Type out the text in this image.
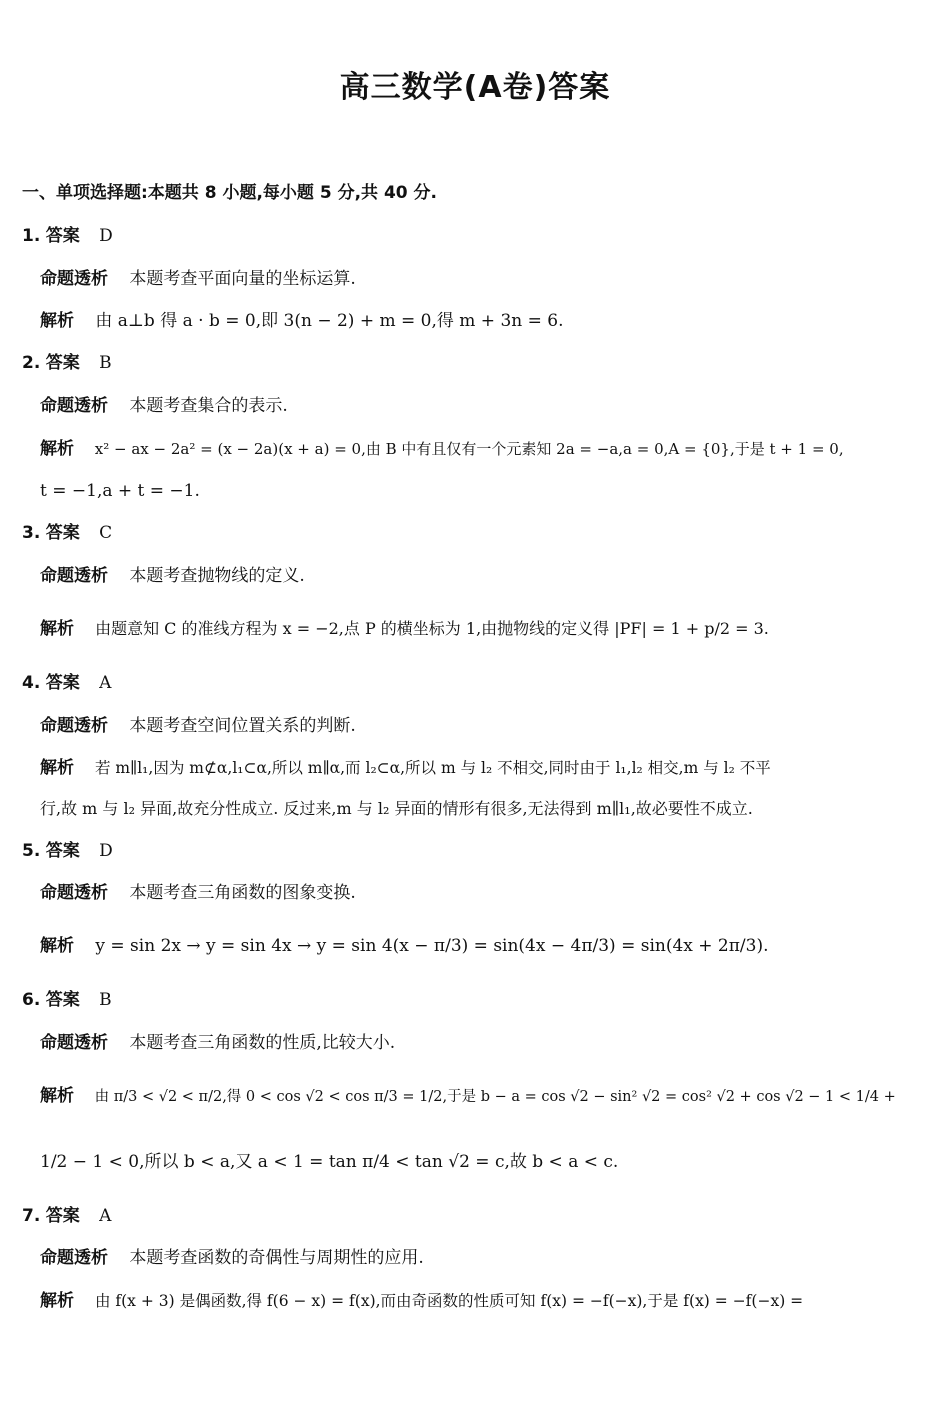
高三数学(A卷)答案
一、单项选择题:本题共 8 小题,每小题 5 分,共 40 分.
1. 答案 D
命题透析 本题考查平面向量的坐标运算.
解析 由 a⊥b 得 a · b = 0,即 3(n − 2) + m = 0,得 m + 3n = 6.
2. 答案 B
命题透析 本题考查集合的表示.
解析 x² − ax − 2a² = (x − 2a)(x + a) = 0,由 B 中有且仅有一个元素知 2a = −a,a = 0,A = {0},于是 t + 1 = 0,
t = −1,a + t = −1.
3. 答案 C
命题透析 本题考查抛物线的定义.
解析 由题意知 C 的准线方程为 x = −2,点 P 的横坐标为 1,由抛物线的定义得 |PF| = 1 + p/2 = 3.
4. 答案 A
命题透析 本题考查空间位置关系的判断.
解析 若 m∥l₁,因为 m⊄α,l₁⊂α,所以 m∥α,而 l₂⊂α,所以 m 与 l₂ 不相交,同时由于 l₁,l₂ 相交,m 与 l₂ 不平
行,故 m 与 l₂ 异面,故充分性成立. 反过来,m 与 l₂ 异面的情形有很多,无法得到 m∥l₁,故必要性不成立.
5. 答案 D
命题透析 本题考查三角函数的图象变换.
解析 y = sin 2x → y = sin 4x → y = sin 4(x − π/3) = sin(4x − 4π/3) = sin(4x + 2π/3).
6. 答案 B
命题透析 本题考查三角函数的性质,比较大小.
解析 由 π/3 < √2 < π/2,得 0 < cos √2 < cos π/3 = 1/2,于是 b − a = cos √2 − sin² √2 = cos² √2 + cos √2 − 1 < 1/4 +
1/2 − 1 < 0,所以 b < a,又 a < 1 = tan π/4 < tan √2 = c,故 b < a < c.
7. 答案 A
命题透析 本题考查函数的奇偶性与周期性的应用.
解析 由 f(x + 3) 是偶函数,得 f(6 − x) = f(x),而由奇函数的性质可知 f(x) = −f(−x),于是 f(x) = −f(−x) =
